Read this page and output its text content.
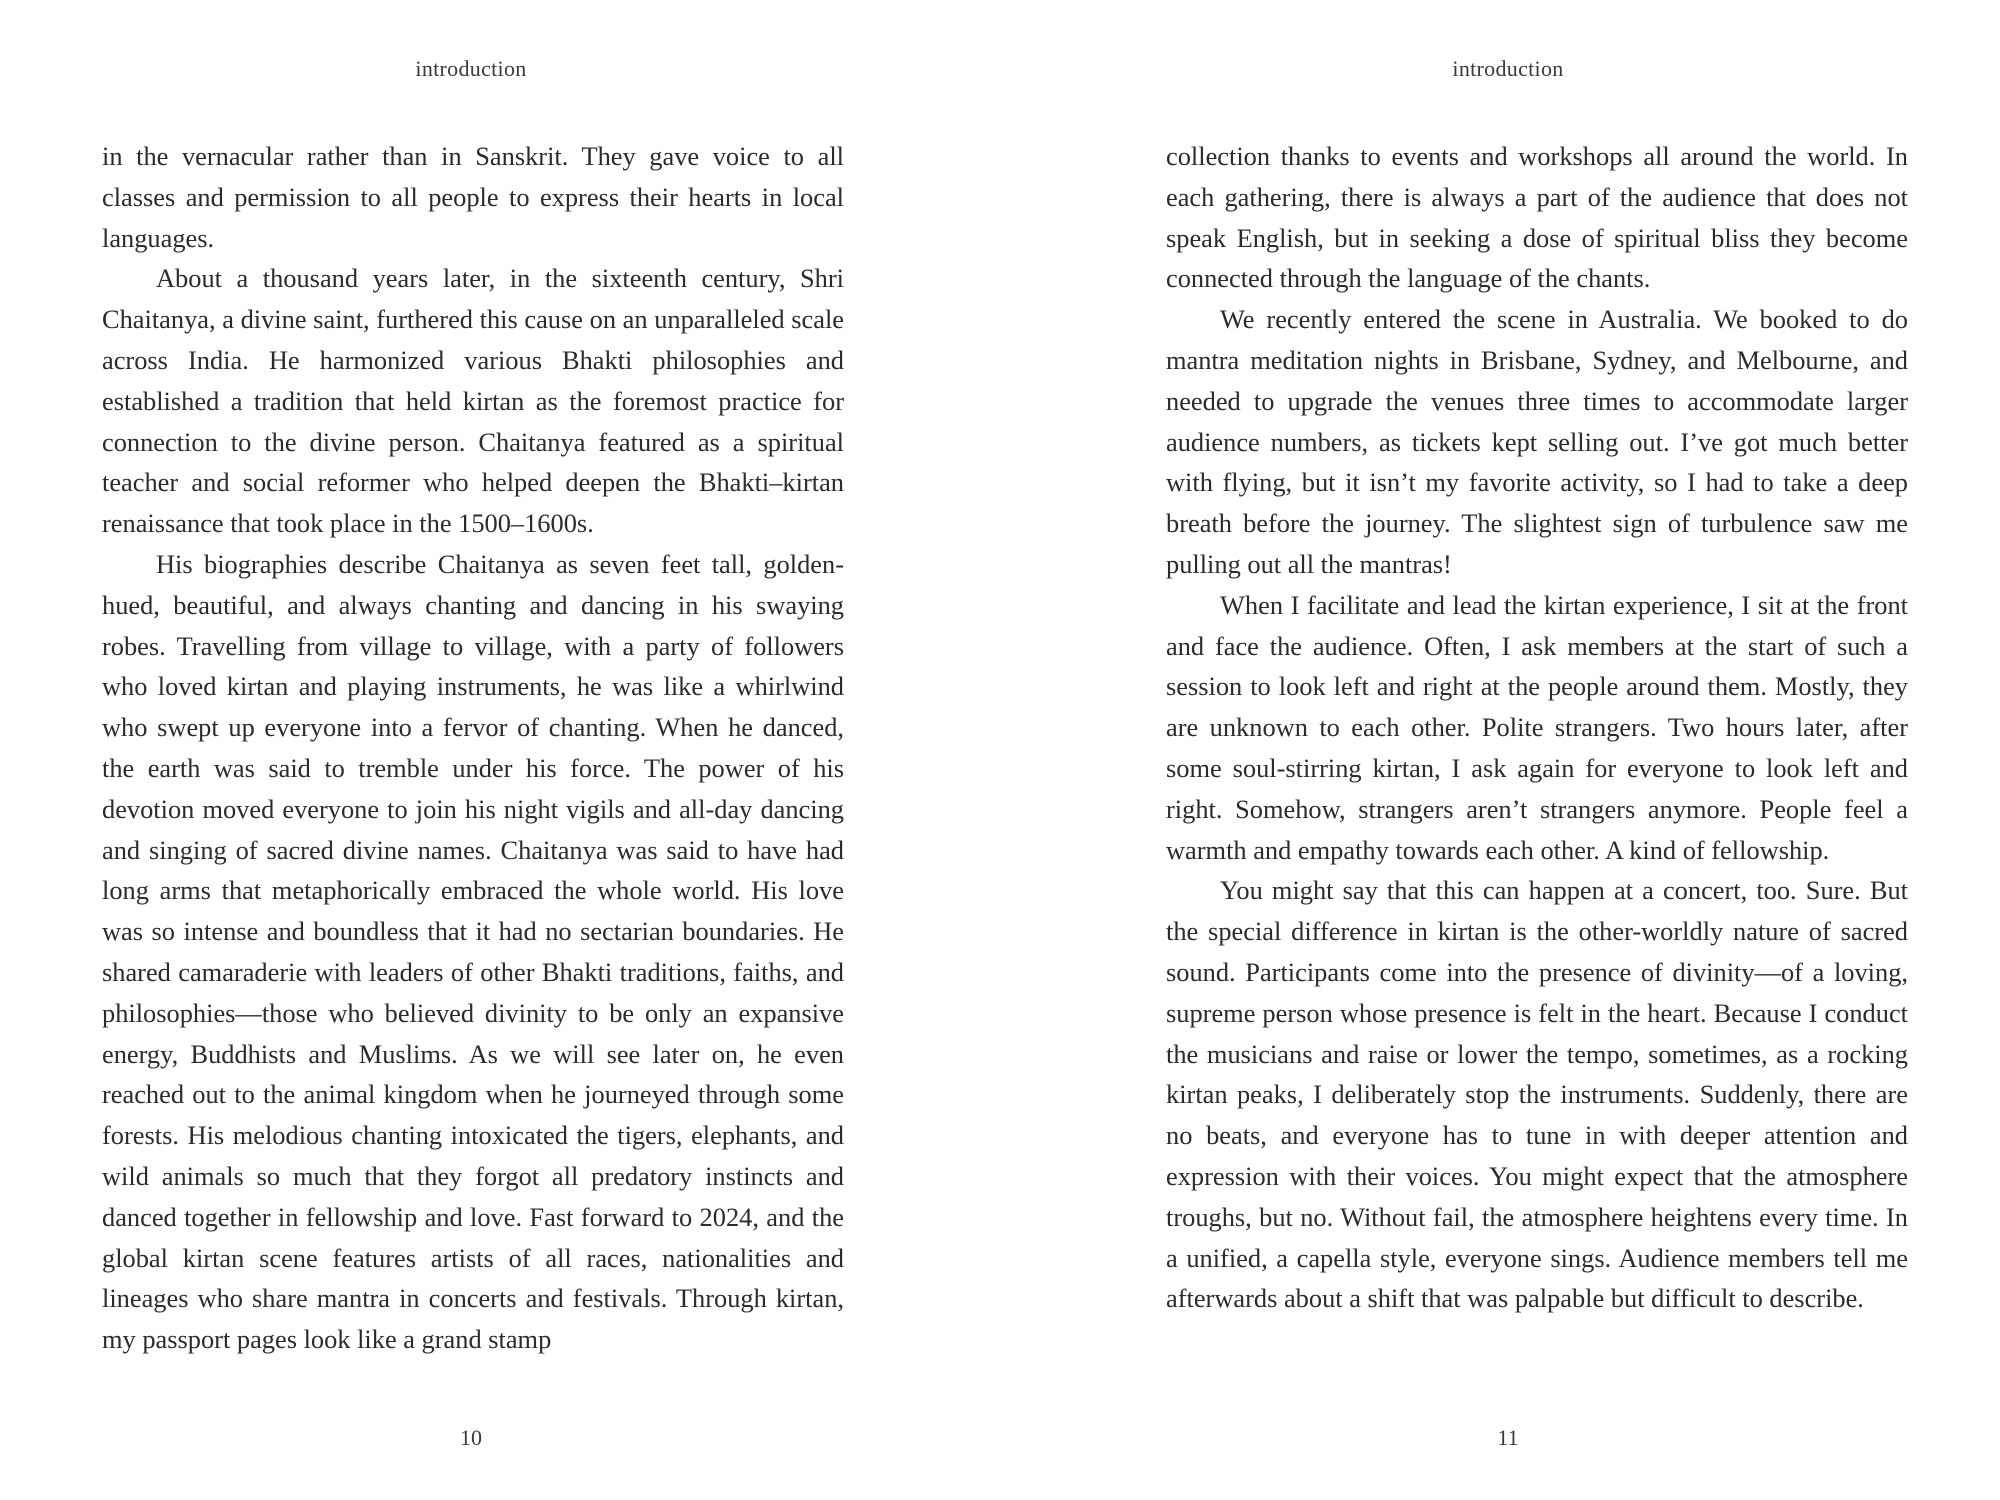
introduction

in the vernacular rather than in Sanskrit. They gave voice to all classes and permission to all people to express their hearts in local languages.

About a thousand years later, in the sixteenth century, Shri Chaitanya, a divine saint, furthered this cause on an unparalleled scale across India. He harmonized various Bhakti philosophies and established a tradition that held kirtan as the foremost practice for connection to the divine person. Chaitanya featured as a spiritual teacher and social reformer who helped deepen the Bhakti–kirtan renaissance that took place in the 1500–1600s.

His biographies describe Chaitanya as seven feet tall, golden-hued, beautiful, and always chanting and dancing in his swaying robes. Travelling from village to village, with a party of followers who loved kirtan and playing instruments, he was like a whirlwind who swept up everyone into a fervor of chanting. When he danced, the earth was said to tremble under his force. The power of his devotion moved everyone to join his night vigils and all-day dancing and singing of sacred divine names. Chaitanya was said to have had long arms that metaphorically embraced the whole world. His love was so intense and boundless that it had no sectarian boundaries. He shared camaraderie with leaders of other Bhakti traditions, faiths, and philosophies—those who believed divinity to be only an expansive energy, Buddhists and Muslims. As we will see later on, he even reached out to the animal kingdom when he journeyed through some forests. His melodious chanting intoxicated the tigers, elephants, and wild animals so much that they forgot all predatory instincts and danced together in fellowship and love. Fast forward to 2024, and the global kirtan scene features artists of all races, nationalities and lineages who share mantra in concerts and festivals. Through kirtan, my passport pages look like a grand stamp

10
introduction

collection thanks to events and workshops all around the world. In each gathering, there is always a part of the audience that does not speak English, but in seeking a dose of spiritual bliss they become connected through the language of the chants.

We recently entered the scene in Australia. We booked to do mantra meditation nights in Brisbane, Sydney, and Melbourne, and needed to upgrade the venues three times to accommodate larger audience numbers, as tickets kept selling out. I’ve got much better with flying, but it isn’t my favorite activity, so I had to take a deep breath before the journey. The slightest sign of turbulence saw me pulling out all the mantras!

When I facilitate and lead the kirtan experience, I sit at the front and face the audience. Often, I ask members at the start of such a session to look left and right at the people around them. Mostly, they are unknown to each other. Polite strangers. Two hours later, after some soul-stirring kirtan, I ask again for everyone to look left and right. Somehow, strangers aren’t strangers anymore. People feel a warmth and empathy towards each other. A kind of fellowship.

You might say that this can happen at a concert, too. Sure. But the special difference in kirtan is the other-worldly nature of sacred sound. Participants come into the presence of divinity—of a loving, supreme person whose presence is felt in the heart. Because I conduct the musicians and raise or lower the tempo, sometimes, as a rocking kirtan peaks, I deliberately stop the instruments. Suddenly, there are no beats, and everyone has to tune in with deeper attention and expression with their voices. You might expect that the atmosphere troughs, but no. Without fail, the atmosphere heightens every time. In a unified, a capella style, everyone sings. Audience members tell me afterwards about a shift that was palpable but difficult to describe.

11
